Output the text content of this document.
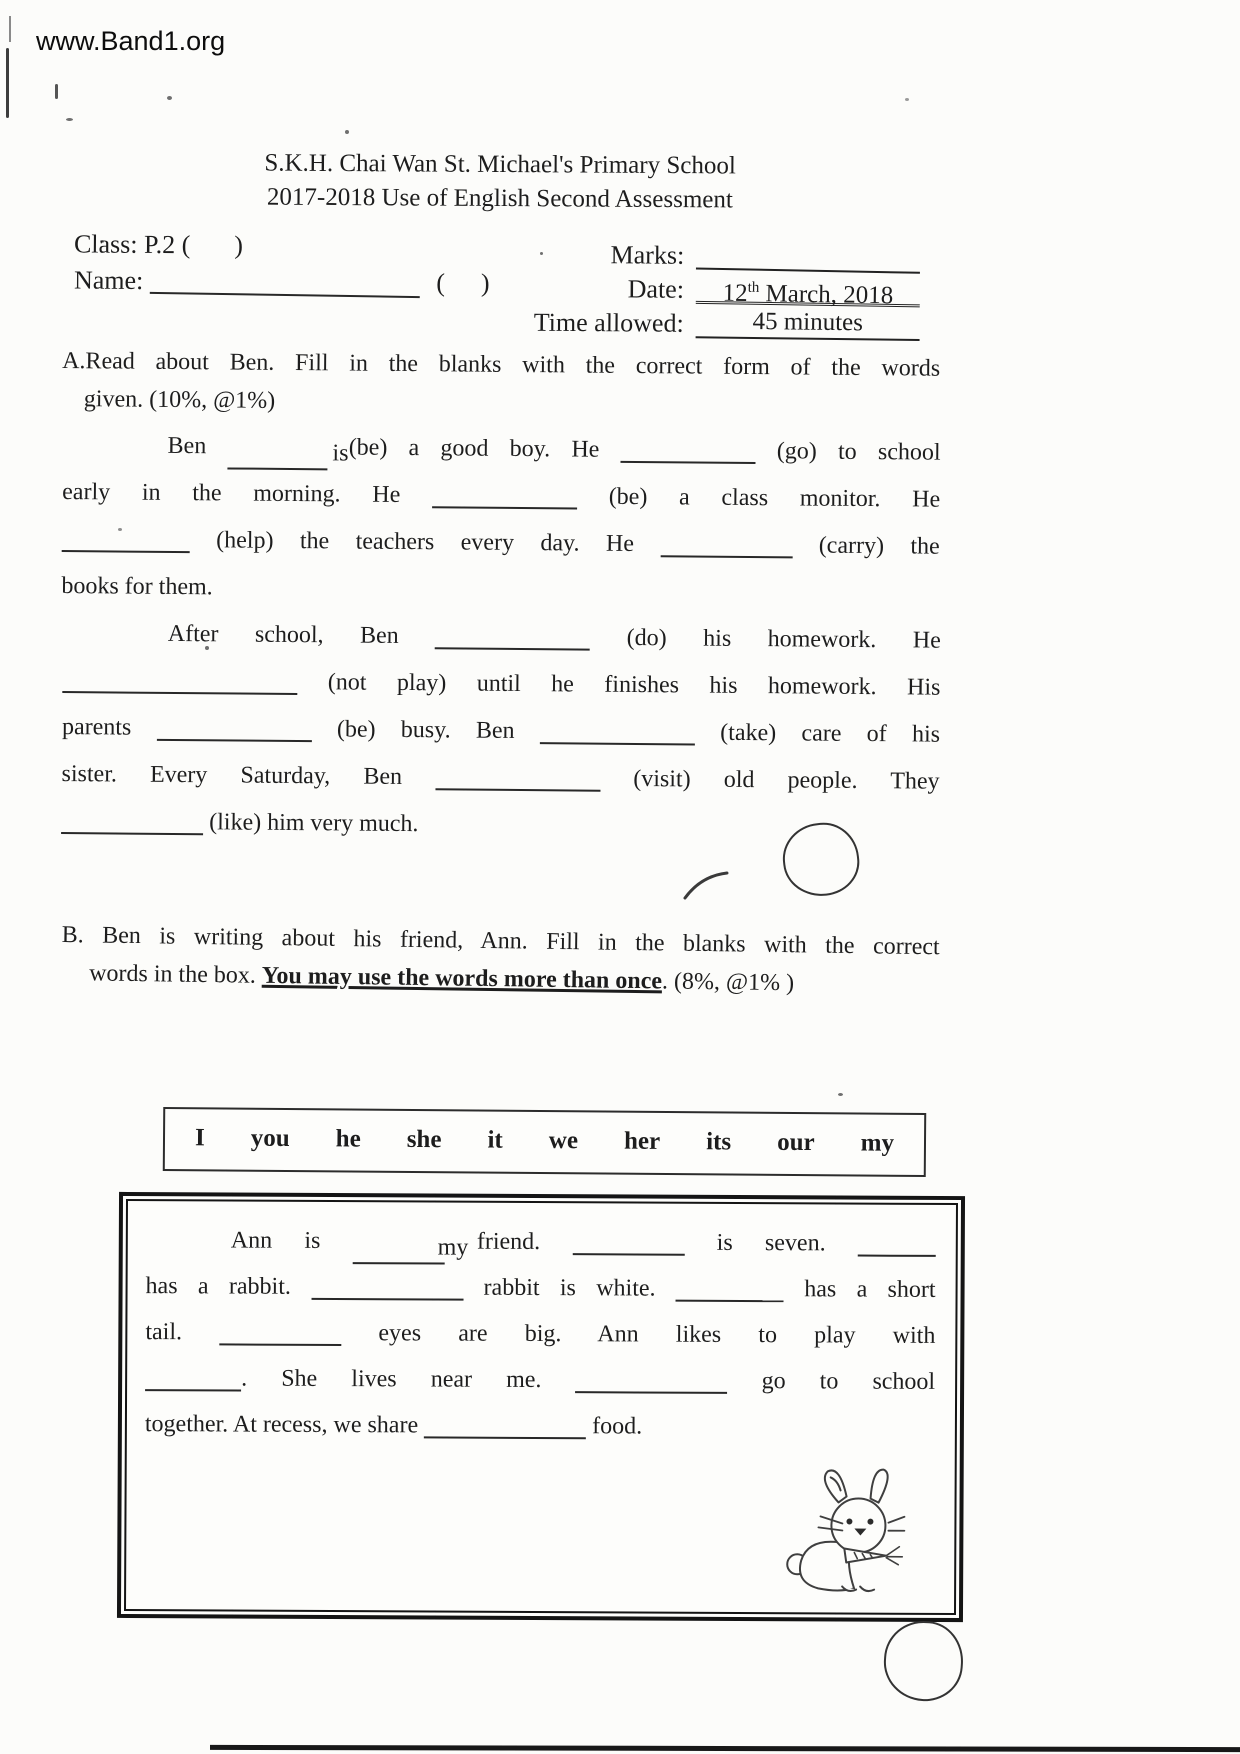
www.Band1.org
S.K.H. Chai Wan St. Michael's Primary School
2017-2018 Use of English Second Assessment
Class: P.2 ( )
Name:	(    )
Marks:
Date:	12th March, 2018
Time allowed:	45 minutes
A.Read about Ben. Fill in the blanks with the correct form of the words
given. (10%, @1%)
Ben	is (be) a good boy. He	(go) to school
early in the morning. He	(be) a class monitor. He
(help) the teachers every day. He	(carry) the
books for them.
After school, Ben	(do) his homework. He
(not play) until he finishes his homework. His
parents	(be) busy. Ben	(take) care of his
sister. Every Saturday, Ben	(visit) old people. They
(like) him very much.
B. Ben is writing about his friend, Ann. Fill in the blanks with the correct
words in the box. You may use the words more than once. (8%, @1% )
I you he she it we her its our my
Ann is	my friend.	is seven.
has a rabbit.	rabbit is white.	has a short
tail.	eyes are big. Ann likes to play with
. She lives near me.	go to school
together. At recess, we share	food.
